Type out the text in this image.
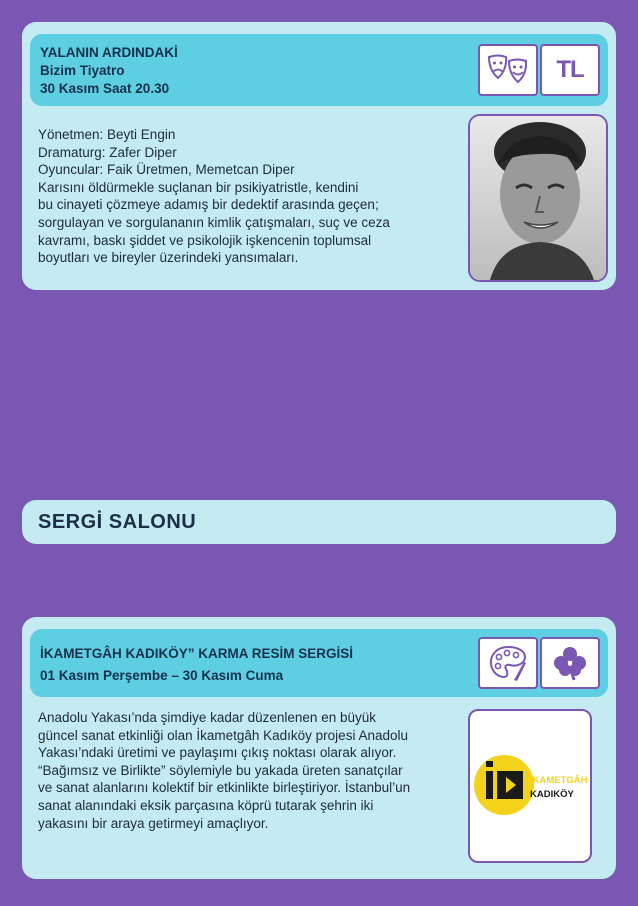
YALANIN ARDINDAKİ
Bizim Tiyatro
30 Kasım Saat 20.30
TL

Yönetmen: Beyti Engin

Dramaturg: Zafer Diper

Oyuncular: Faik Üretmen, Memetcan Diper

Karısını öldürmekle suçlanan bir psikiyatristle, kendini

bu cinayeti çözmeye adamış bir dedektif arasında geçen;

sorgulayan ve sorgulananın kimlik çatışmaları, suç ve ceza

kavramı, baskı şiddet ve psikolojik işkencenin toplumsal

boyutları ve bireyler üzerindeki yansımaları.

SERGİ SALONU
İKAMETGÂH KADIKÖY” KARMA RESİM SERGİSİ
01 Kasım Perşembe – 30 Kasım Cuma

Anadolu Yakası’nda şimdiye kadar düzenlenen en büyük

güncel sanat etkinliği olan İkametgâh Kadıköy projesi Anadolu

Yakası’ndaki üretimi ve paylaşımı çıkış noktası olarak alıyor.

“Bağımsız ve Birlikte” söylemiyle bu yakada üreten sanatçılar

ve sanat alanlarını kolektif bir etkinlikte birleştiriyor. İstanbul’un

sanat alanındaki eksik parçasına köprü tutarak şehrin iki

yakasını bir araya getirmeyi amaçlıyor.

İKAMETGÂH
KADIKÖY
